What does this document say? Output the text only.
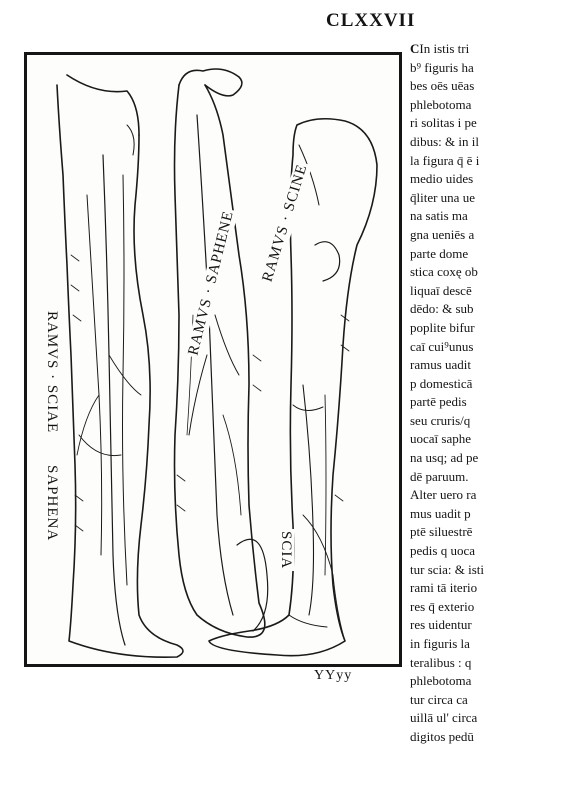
CLXXVII
RAMVS · SCIAE
SAPHENA
RAMVS · SAPHENE RAMVS · SCINE
SCIA
CIn istis tri
b⁹ figuris ha
bes oēs uēas
phlebotoma
ri solitas i pe
dibus: & in il
la figura q̄ ē i
medio uides
q̄liter una ue
na satis ma
gna ueniēs a
parte dome
stica coxę ob
liquaī descē
dēdo: & sub
poplite bifur
caī cui⁹unus
ramus uadit
p domesticā
partē pedis
seu cruris/q
uocaī saphe
na usq; ad pe
dē paruum.
Alter uero ra
mus uadit p
ptē siluestrē
pedis q uoca
tur scia: & isti
rami tā iterio
res q̄ exterio
res uidentur
in figuris la
teralibus : q
phlebotoma
tur circa ca
uillā ul' circa
digitos pedū
YYyy
